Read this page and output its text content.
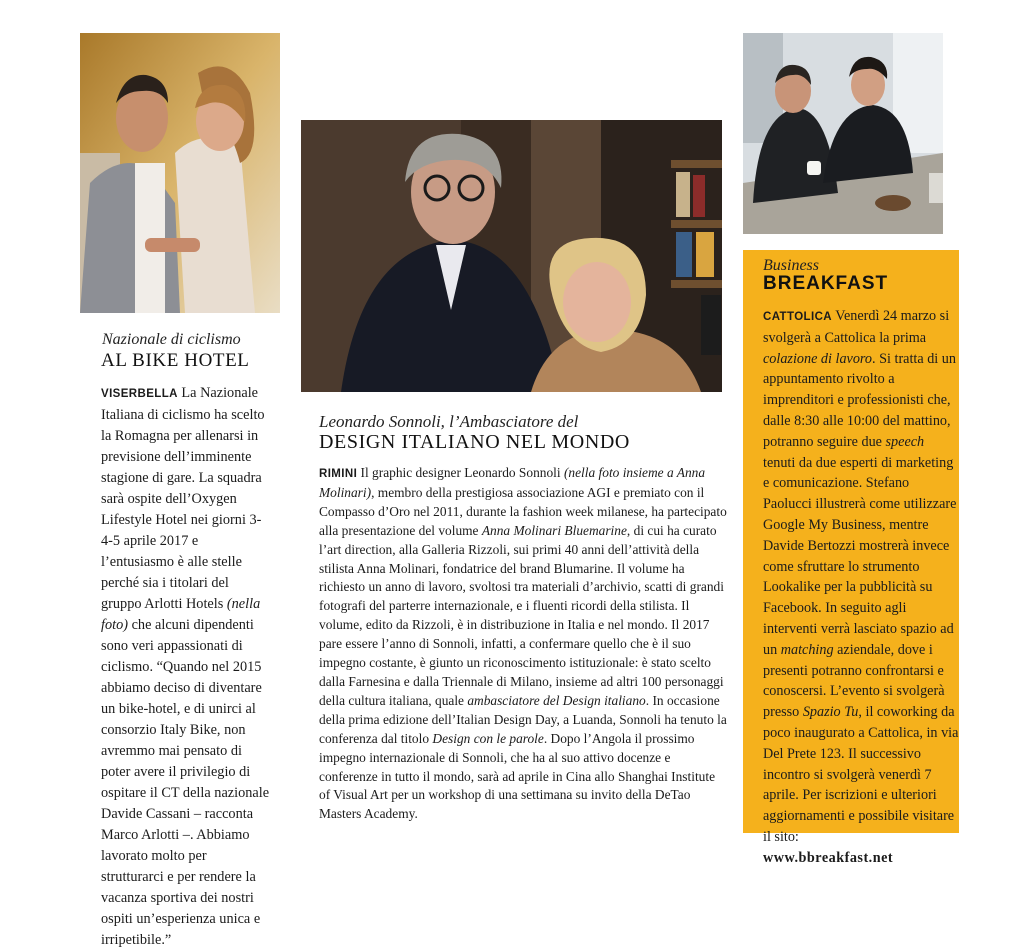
Nazionale di ciclismo
AL BIKE HOTEL

VISERBELLA La Nazionale Italiana di ciclismo ha scelto la Romagna per allenarsi in previsione dell’imminente stagione di gare. La squadra sarà ospite dell’Oxygen Lifestyle Hotel nei giorni 3-4-5 aprile 2017 e l’entusiasmo è alle stelle perché sia i titolari del gruppo Arlotti Hotels (nella foto) che alcuni dipendenti sono veri appassionati di ciclismo. “Quando nel 2015 abbiamo deciso di diventare un bike-hotel, e di unirci al consorzio Italy Bike, non avremmo mai pensato di poter avere il privilegio di ospitare il CT della nazionale Davide Cassani – racconta Marco Arlotti –. Abbiamo lavorato molto per strutturarci e per rendere la vacanza sportiva dei nostri ospiti un’esperienza unica e irripetibile.”

Leonardo Sonnoli, l’Ambasciatore del
DESIGN ITALIANO NEL MONDO

RIMINI Il graphic designer Leonardo Sonnoli (nella foto insieme a Anna Molinari), membro della prestigiosa associazione AGI e premiato con il Compasso d’Oro nel 2011, durante la fashion week milanese, ha partecipato alla presentazione del volume Anna Molinari Bluemarine, di cui ha curato l’art direction, alla Galleria Rizzoli, sui primi 40 anni dell’attività della stilista Anna Molinari, fondatrice del brand Blumarine. Il volume ha richiesto un anno di lavoro, svoltosi tra materiali d’archivio, scatti di grandi fotografi del parterre internazionale, e i fluenti ricordi della stilista. Il volume, edito da Rizzoli, è in distribuzione in Italia e nel mondo. Il 2017 pare essere l’anno di Sonnoli, infatti, a confermare quello che è il suo impegno costante, è giunto un riconoscimento istituzionale: è stato scelto dalla Farnesina e dalla Triennale di Milano, insieme ad altri 100 personaggi della cultura italiana, quale ambasciatore del Design italiano. In occasione della prima edizione dell’Italian Design Day, a Luanda, Sonnoli ha tenuto la conferenza dal titolo Design con le parole. Dopo l’Angola il prossimo impegno internazionale di Sonnoli, che ha al suo attivo docenze e conferenze in tutto il mondo, sarà ad aprile in Cina allo Shanghai Institute of Visual Art per un workshop di una settimana su invito della DeTao Masters Academy.

Business
BREAKFAST

CATTOLICA Venerdì 24 marzo si svolgerà a Cattolica la prima colazione di lavoro. Si tratta di un appuntamento rivolto a imprenditori e professionisti che, dalle 8:30 alle 10:00 del mattino, potranno seguire due speech tenuti da due esperti di marketing e comunicazione. Stefano Paolucci illustrerà come utilizzare Google My Business, mentre Davide Bertozzi mostrerà invece come sfruttare lo strumento Lookalike per la pubblicità su Facebook. In seguito agli interventi verrà lasciato spazio ad un matching aziendale, dove i presenti potranno confrontarsi e conoscersi. L’evento si svolgerà presso Spazio Tu, il coworking da poco inaugurato a Cattolica, in via Del Prete 123. Il successivo incontro si svolgerà venerdì 7 aprile. Per iscrizioni e ulteriori aggiornamenti e possibile visitare il sito:

www.bbreakfast.net
